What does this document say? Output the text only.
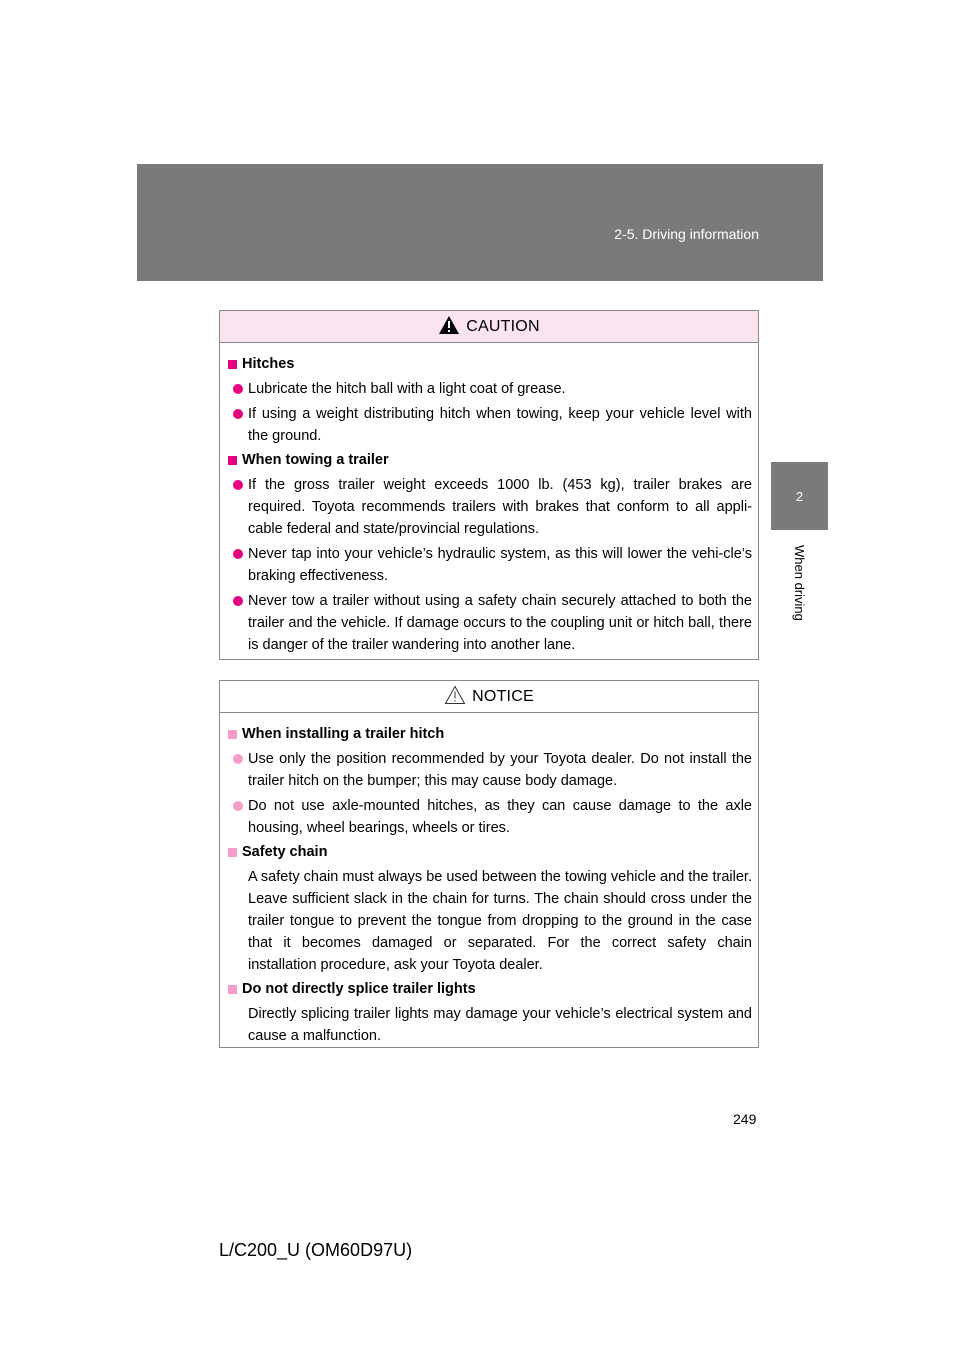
2-5. Driving information
2
When driving
CAUTION
Hitches
Lubricate the hitch ball with a light coat of grease.
If using a weight distributing hitch when towing, keep your vehicle level with the ground.
When towing a trailer
If the gross trailer weight exceeds 1000 lb. (453 kg), trailer brakes are required. Toyota recommends trailers with brakes that conform to all appli-cable federal and state/provincial regulations.
Never tap into your vehicle’s hydraulic system, as this will lower the vehi-cle’s braking effectiveness.
Never tow a trailer without using a safety chain securely attached to both the trailer and the vehicle. If damage occurs to the coupling unit or hitch ball, there is danger of the trailer wandering into another lane.
NOTICE
When installing a trailer hitch
Use only the position recommended by your Toyota dealer. Do not install the trailer hitch on the bumper; this may cause body damage.
Do not use axle-mounted hitches, as they can cause damage to the axle housing, wheel bearings, wheels or tires.
Safety chain
A safety chain must always be used between the towing vehicle and the trailer. Leave sufficient slack in the chain for turns. The chain should cross under the trailer tongue to prevent the tongue from dropping to the ground in the case that it becomes damaged or separated. For the correct safety chain installation procedure, ask your Toyota dealer.
Do not directly splice trailer lights
Directly splicing trailer lights may damage your vehicle’s electrical system and cause a malfunction.
249
L/C200_U (OM60D97U)
